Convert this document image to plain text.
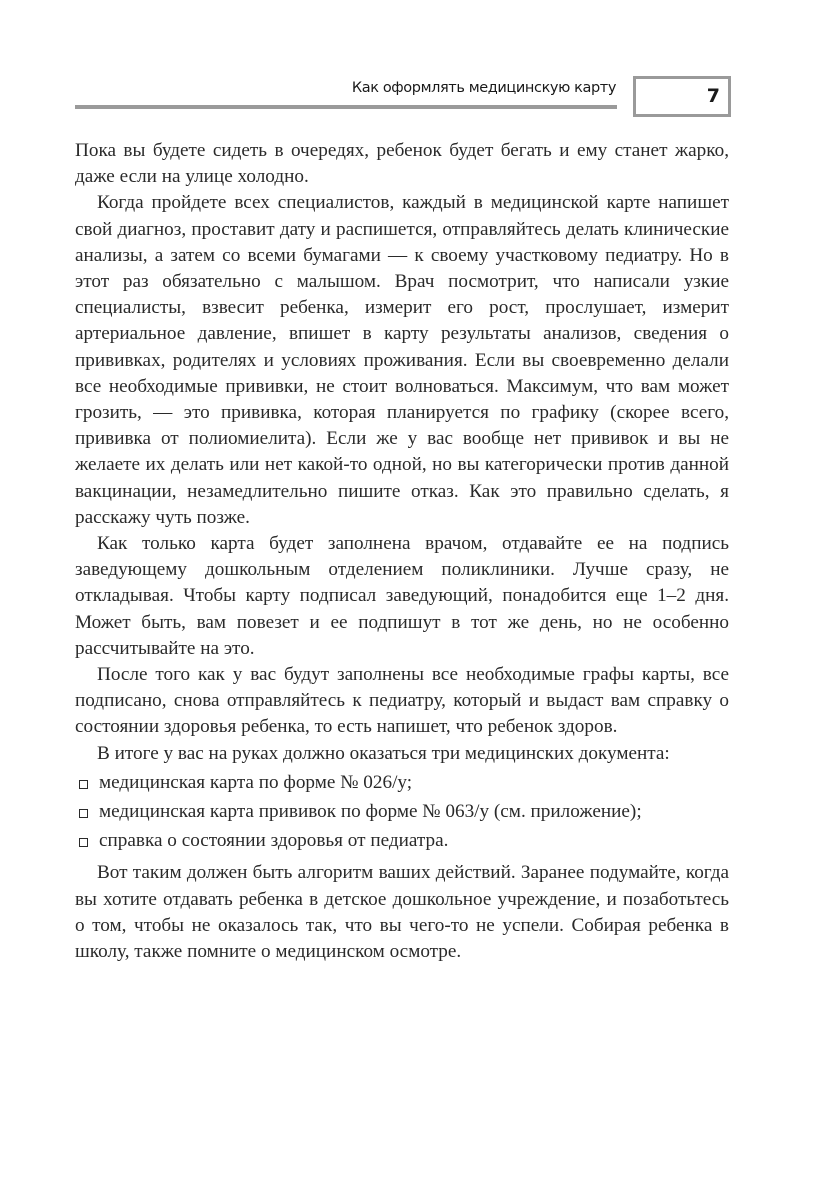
Как оформлять медицинскую карту	7

Пока вы будете сидеть в очередях, ребенок будет бегать и ему станет жарко, даже если на улице холодно.

Когда пройдете всех специалистов, каждый в медицинской карте напишет свой диагноз, проставит дату и распишется, отправляйтесь делать клинические анализы, а затем со всеми бумагами — к своему участковому педиатру. Но в этот раз обязательно с малышом. Врач посмотрит, что написали узкие специалисты, взвесит ребенка, измерит его рост, прослушает, измерит артериальное давление, впишет в карту результаты анализов, сведения о прививках, родителях и условиях проживания. Если вы своевременно делали все необходимые прививки, не стоит волноваться. Максимум, что вам может грозить, — это прививка, которая планируется по графику (скорее всего, прививка от полиомиелита). Если же у вас вообще нет прививок и вы не желаете их делать или нет какой-то одной, но вы категорически против данной вакцинации, незамедлительно пишите отказ. Как это правильно сделать, я расскажу чуть позже.

Как только карта будет заполнена врачом, отдавайте ее на подпись заведующему дошкольным отделением поликлиники. Лучше сразу, не откладывая. Чтобы карту подписал заведующий, понадобится еще 1–2 дня. Может быть, вам повезет и ее подпишут в тот же день, но не особенно рассчитывайте на это.

После того как у вас будут заполнены все необходимые графы карты, все подписано, снова отправляйтесь к педиатру, который и выдаст вам справку о состоянии здоровья ребенка, то есть напишет, что ребенок здоров.

В итоге у вас на руках должно оказаться три медицинских документа:

медицинская карта по форме № 026/у;
медицинская карта прививок по форме № 063/у (см. приложение);
справка о состоянии здоровья от педиатра.

Вот таким должен быть алгоритм ваших действий. Заранее подумайте, когда вы хотите отдавать ребенка в детское дошкольное учреждение, и позаботьтесь о том, чтобы не оказалось так, что вы чего-то не успели. Собирая ребенка в школу, также помните о медицинском осмотре.
